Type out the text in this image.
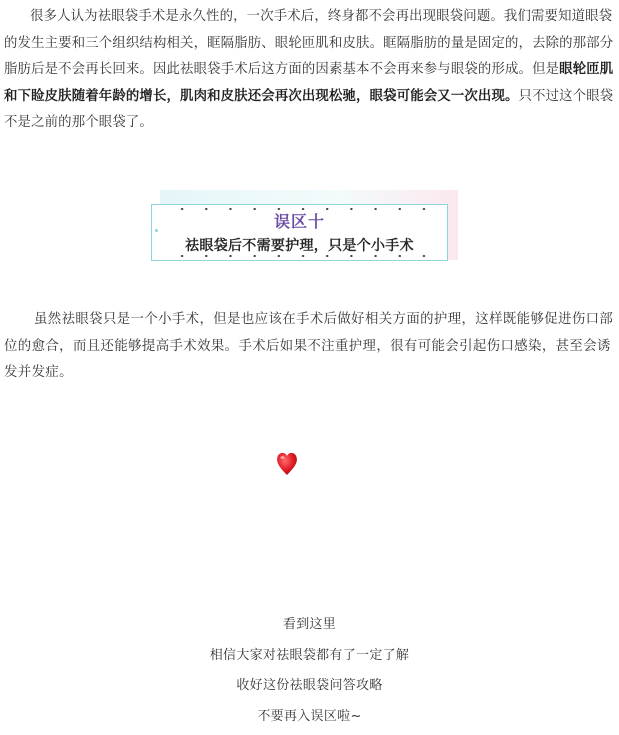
很多人认为祛眼袋手术是永久性的，一次手术后，终身都不会再出现眼袋问题。我们需要知道眼袋的发生主要和三个组织结构相关，眶隔脂肪、眼轮匝肌和皮肤。眶隔脂肪的量是固定的，去除的那部分脂肪后是不会再长回来。因此祛眼袋手术后这方面的因素基本不会再来参与眼袋的形成。但是眼轮匝肌和下睑皮肤随着年龄的增长，肌肉和皮肤还会再次出现松驰，眼袋可能会又一次出现。只不过这个眼袋不是之前的那个眼袋了。
误区十
祛眼袋后不需要护理，只是个小手术
虽然祛眼袋只是一个小手术，但是也应该在手术后做好相关方面的护理，这样既能够促进伤口部位的愈合，而且还能够提高手术效果。手术后如果不注重护理，很有可能会引起伤口感染，甚至会诱发并发症。
看到这里
相信大家对祛眼袋都有了一定了解
收好这份祛眼袋问答攻略
不要再入误区啦~
